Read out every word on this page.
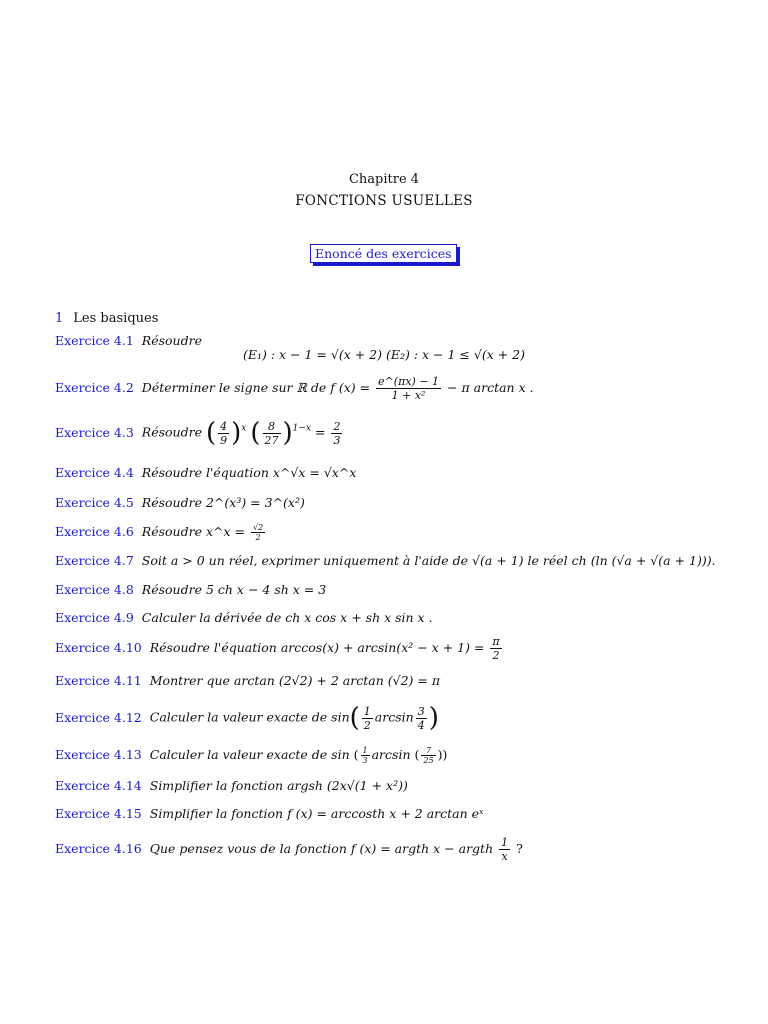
Chapitre 4
FONCTIONS USUELLES
Enoncé des exercices
1 Les basiques
Exercice 4.1 Résoudre
(E₁) : x − 1 = √(x + 2) (E₂) : x − 1 ≤ √(x + 2)
Exercice 4.2 Déterminer le signe sur ℝ de f $(x) = \frac{e\^{}(\pi x) - 1}{\text{1 + x²}} - \pi$ arctan x .
Exercice 4.3 Résoudre ( $\frac{4}{9} )^x$ ( $\frac{8}{27} )^{1-x} = \frac{2}{3}$
Exercice 4.4 Résoudre l'équation x^√x = √x^x
Exercice 4.5 Résoudre 2^(x³) = 3^(x²)
Exercice 4.6 Résoudre x^x = $\frac{√2}{2}$
Exercice 4.7 Soit a > 0 un réel, exprimer uniquement à l'aide de √(a + 1) le réel ch (ln (√a + √(a + 1))).
Exercice 4.8 Résoudre 5 ch x − 4 sh x = 3
Exercice 4.9 Calculer la dérivée de ch x cos x + sh x sin x .
Exercice 4.10 Résoudre l'équation $\arccos(x) + \arcsin(x^2 - x + 1) = \frac{\pi}{2}$
Exercice 4.11 Montrer que arctan (2√2) + 2 arctan (√2) = π
Exercice 4.12 Calculer la valeur exacte de $\sin( \frac{1}{2}$ $\arcsin \frac{3}{4}$ )
Exercice 4.13 Calculer la valeur exacte de sin ( $\frac{1}{3}$ arcsin ( $\frac{7}{25}$ ))
Exercice 4.14 Simplifier la fonction argsh (2x√(1 + x²))
Exercice 4.15 Simplifier la fonction f (x) = arccosth x + 2 arctan eˣ
Exercice 4.16 Que pensez vous de la fonction f (x) = argth x − argth $\frac{1}{x}$ ?
